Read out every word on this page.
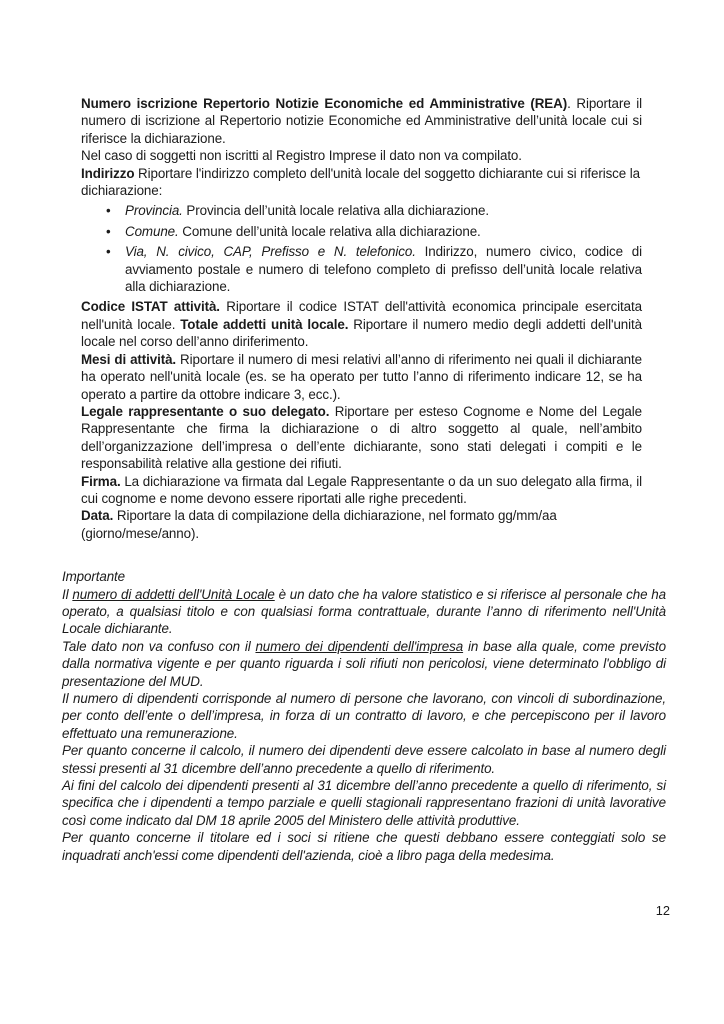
Numero iscrizione Repertorio Notizie Economiche ed Amministrative (REA). Riportare il numero di iscrizione al Repertorio notizie Economiche ed Amministrative dell’unità locale cui si riferisce la dichiarazione.

Nel caso di soggetti non iscritti al Registro Imprese il dato non va compilato.

Indirizzo Riportare l'indirizzo completo dell'unità locale del soggetto dichiarante cui si riferisce la dichiarazione:

• Provincia. Provincia dell’unità locale relativa alla dichiarazione.
• Comune. Comune dell’unità locale relativa alla dichiarazione.
• Via, N. civico, CAP, Prefisso e N. telefonico. Indirizzo, numero civico, codice di avviamento postale e numero di telefono completo di prefisso dell’unità locale relativa alla dichiarazione.

Codice ISTAT attività. Riportare il codice ISTAT dell'attività economica principale esercitata nell'unità locale. Totale addetti unità locale. Riportare il numero medio degli addetti dell'unità locale nel corso dell’anno diriferimento.

Mesi di attività. Riportare il numero di mesi relativi all’anno di riferimento nei quali il dichiarante ha operato nell'unità locale (es. se ha operato per tutto l’anno di riferimento indicare 12, se ha operato a partire da ottobre indicare 3, ecc.).

Legale rappresentante o suo delegato. Riportare per esteso Cognome e Nome del Legale Rappresentante che firma la dichiarazione o di altro soggetto al quale, nell’ambito dell’organizzazione dell’impresa o dell’ente dichiarante, sono stati delegati i compiti e le responsabilità relative alla gestione dei rifiuti.

Firma. La dichiarazione va firmata dal Legale Rappresentante o da un suo delegato alla firma, il cui cognome e nome devono essere riportati alle righe precedenti.

Data. Riportare la data di compilazione della dichiarazione, nel formato gg/mm/aa (giorno/mese/anno).

Importante

Il numero di addetti dell'Unità Locale è un dato che ha valore statistico e si riferisce al personale che ha operato, a qualsiasi titolo e con qualsiasi forma contrattuale, durante l’anno di riferimento nell'Unità Locale dichiarante.

Tale dato non va confuso con il numero dei dipendenti dell'impresa in base alla quale, come previsto dalla normativa vigente e per quanto riguarda i soli rifiuti non pericolosi, viene determinato l'obbligo di presentazione del MUD.

Il numero di dipendenti corrisponde al numero di persone che lavorano, con vincoli di subordinazione, per conto dell’ente o dell’impresa, in forza di un contratto di lavoro, e che percepiscono per il lavoro effettuato una remunerazione.

Per quanto concerne il calcolo, il numero dei dipendenti deve essere calcolato in base al numero degli stessi presenti al 31 dicembre dell’anno precedente a quello di riferimento.

Ai fini del calcolo dei dipendenti presenti al 31 dicembre dell’anno precedente a quello di riferimento, si specifica che i dipendenti a tempo parziale e quelli stagionali rappresentano frazioni di unità lavorative così come indicato dal DM 18 aprile 2005 del Ministero delle attività produttive.

Per quanto concerne il titolare ed i soci si ritiene che questi debbano essere conteggiati solo se inquadrati anch'essi come dipendenti dell'azienda, cioè a libro paga della medesima.

12
